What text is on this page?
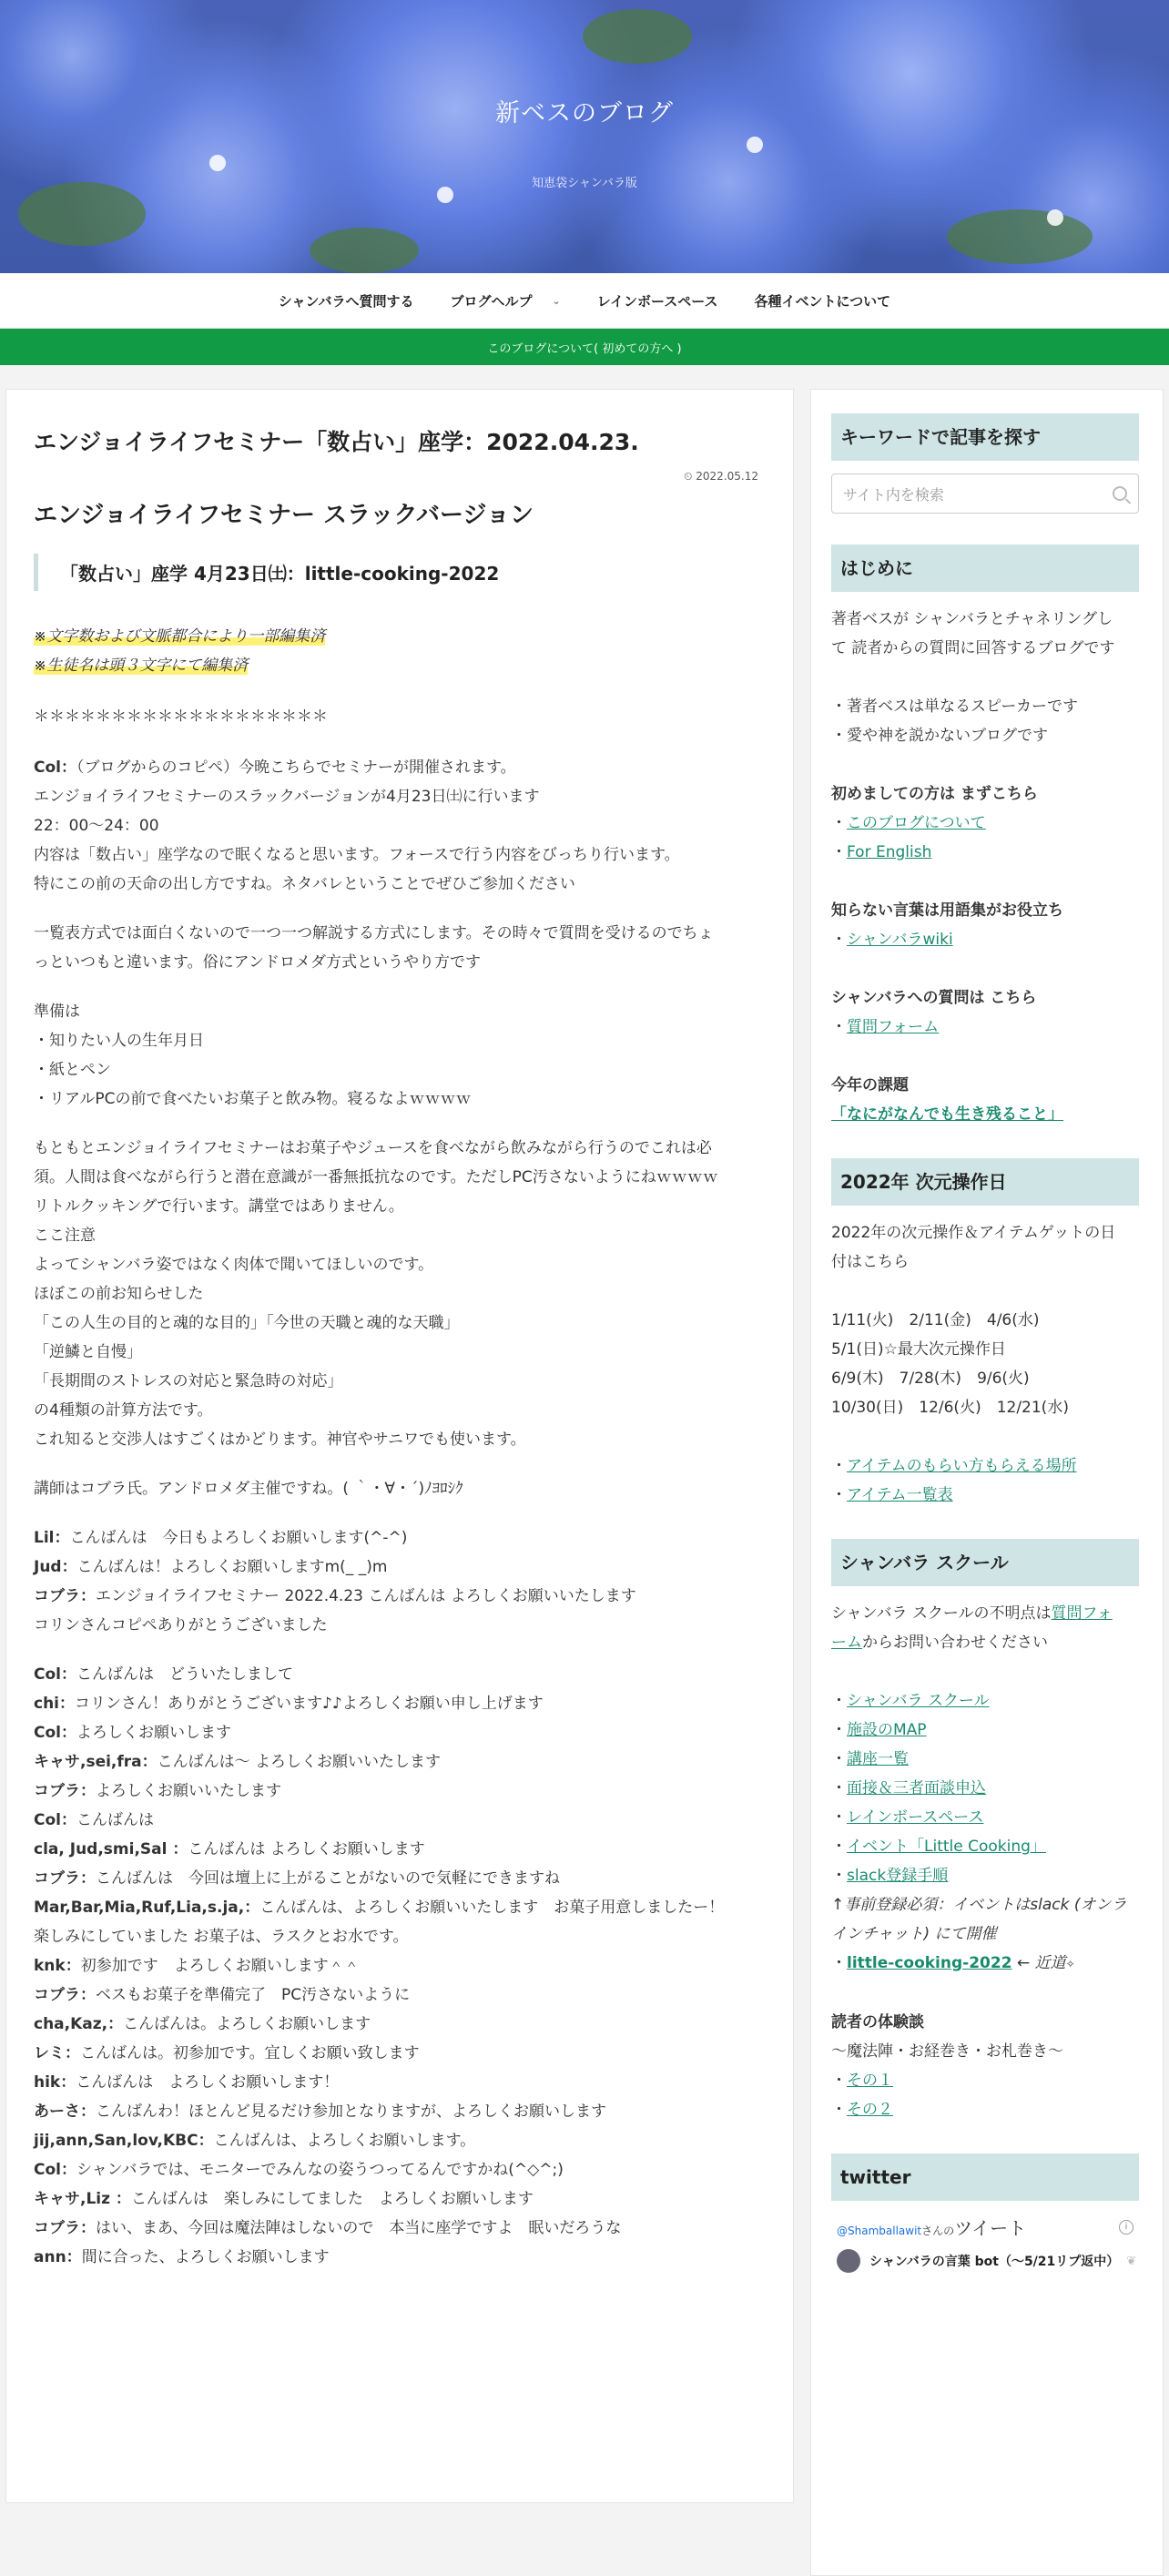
新ベスのブログ
知恵袋シャンバラ版
シャンバラへ質問する	ブログヘルプ ⌄	レインボースペース	各種イベントについて
このブログについて( 初めての方へ )
エンジョイライフセミナー「数占い」座学：2022.04.23.
⏲ 2022.05.12
エンジョイライフセミナー スラックバージョン
「数占い」座学 4月23日㈯：little-cooking-2022
※文字数および文脈都合により一部編集済
※生徒名は頭３文字にて編集済
＊＊＊＊＊＊＊＊＊＊＊＊＊＊＊＊＊＊＊
Col：（ブログからのコピペ）今晩こちらでセミナーが開催されます。
エンジョイライフセミナーのスラックバージョンが4月23日㈯に行います
22：00～24：00
内容は「数占い」座学なので眠くなると思います。フォースで行う内容をびっちり行います。
特にこの前の天命の出し方ですね。ネタバレということでぜひご参加ください
一覧表方式では面白くないので一つ一つ解説する方式にします。その時々で質問を受けるのでちょ
っといつもと違います。俗にアンドロメダ方式というやり方です
準備は
・知りたい人の生年月日
・紙とペン
・リアルPCの前で食べたいお菓子と飲み物。寝るなよｗｗｗｗ
もともとエンジョイライフセミナーはお菓子やジュースを食べながら飲みながら行うのでこれは必
須。人間は食べながら行うと潜在意識が一番無抵抗なのです。ただしPC汚さないようにねｗｗｗｗ
リトルクッキングで行います。講堂ではありません。
ここ注意
よってシャンバラ姿ではなく肉体で聞いてほしいのです。
ほぼこの前お知らせした
「この人生の目的と魂的な目的」「今世の天職と魂的な天職」
「逆鱗と自慢」
「長期間のストレスの対応と緊急時の対応」
の4種類の計算方法です。
これ知ると交渉人はすごくはかどります。神官やサニワでも使います。
講師はコブラ氏。アンドロメダ主催ですね。( ｀・∀・´)ﾉﾖﾛｼｸ
Lil：こんばんは　今日もよろしくお願いします(^-^)
Jud：こんばんは！よろしくお願いしますm(_ _)m
コブラ：エンジョイライフセミナー 2022.4.23 こんばんは よろしくお願いいたします
コリンさんコピペありがとうございました
Col：こんばんは　どういたしまして
chi：コリンさん！ありがとうございます♪♪よろしくお願い申し上げます
Col：よろしくお願いします
キャサ,sei,fra：こんばんは〜 よろしくお願いいたします
コブラ：よろしくお願いいたします
Col：こんばんは
cla, Jud,smi,Sal ：こんばんは よろしくお願いします
コブラ：こんばんは　今回は壇上に上がることがないので気軽にできますね
Mar,Bar,Mia,Ruf,Lia,s.ja,：こんばんは、よろしくお願いいたします　お菓子用意しましたー！
楽しみにしていました お菓子は、ラスクとお水です。
knk：初参加です　よろしくお願いします＾＾
コブラ：ベスもお菓子を準備完了　PC汚さないように
cha,Kaz,：こんばんは。よろしくお願いします
レミ：こんばんは。初参加です。宜しくお願い致します
hik：こんばんは　よろしくお願いします！
あーさ：こんばんわ！ほとんど見るだけ参加となりますが、よろしくお願いします
jij,ann,San,lov,KBC：こんばんは、よろしくお願いします。
Col：シャンバラでは、モニターでみんなの姿うつってるんですかね(^◇^;)
キャサ,Liz ：こんばんは　楽しみにしてました　よろしくお願いします
コブラ：はい、まあ、今回は魔法陣はしないので　本当に座学ですよ　眠いだろうな
ann：間に合った、よろしくお願いします
キーワードで記事を探す
サイト内を検索
はじめに
著者ベスが シャンバラとチャネリングし
て 読者からの質問に回答するブログです

・著者ベスは単なるスピーカーです
・愛や神を説かないブログです

初めましての方は まずこちら
・このブログについて
・For English

知らない言葉は用語集がお役立ち
・シャンバラwiki

シャンバラへの質問は こちら
・質問フォーム

今年の課題
「なにがなんでも生き残ること」
2022年 次元操作日
2022年の次元操作＆アイテムゲットの日
付はこちら

1/11(火)　2/11(金)　4/6(水)
5/1(日)☆最大次元操作日
6/9(木)　7/28(木)　9/6(火)
10/30(日)　12/6(火)　12/21(水)

・アイテムのもらい方もらえる場所
・アイテム一覧表
シャンバラ スクール
シャンバラ スクールの不明点は質問フォ
ームからお問い合わせください

・シャンバラ スクール
・施設のMAP
・講座一覧
・面接＆三者面談申込
・レインボースペース
・イベント「Little Cooking」
・slack登録手順
↑事前登録必須：イベントはslack (オンラ
インチャット) にて開催
・little-cooking-2022 ← 近道✧

読者の体験談
〜魔法陣・お経巻き・お札巻き〜
・その１
・その２
twitter
@Shamballawitさんのツイート	i
シャンバラの言葉 bot（～5/21リプ返中） ❦
